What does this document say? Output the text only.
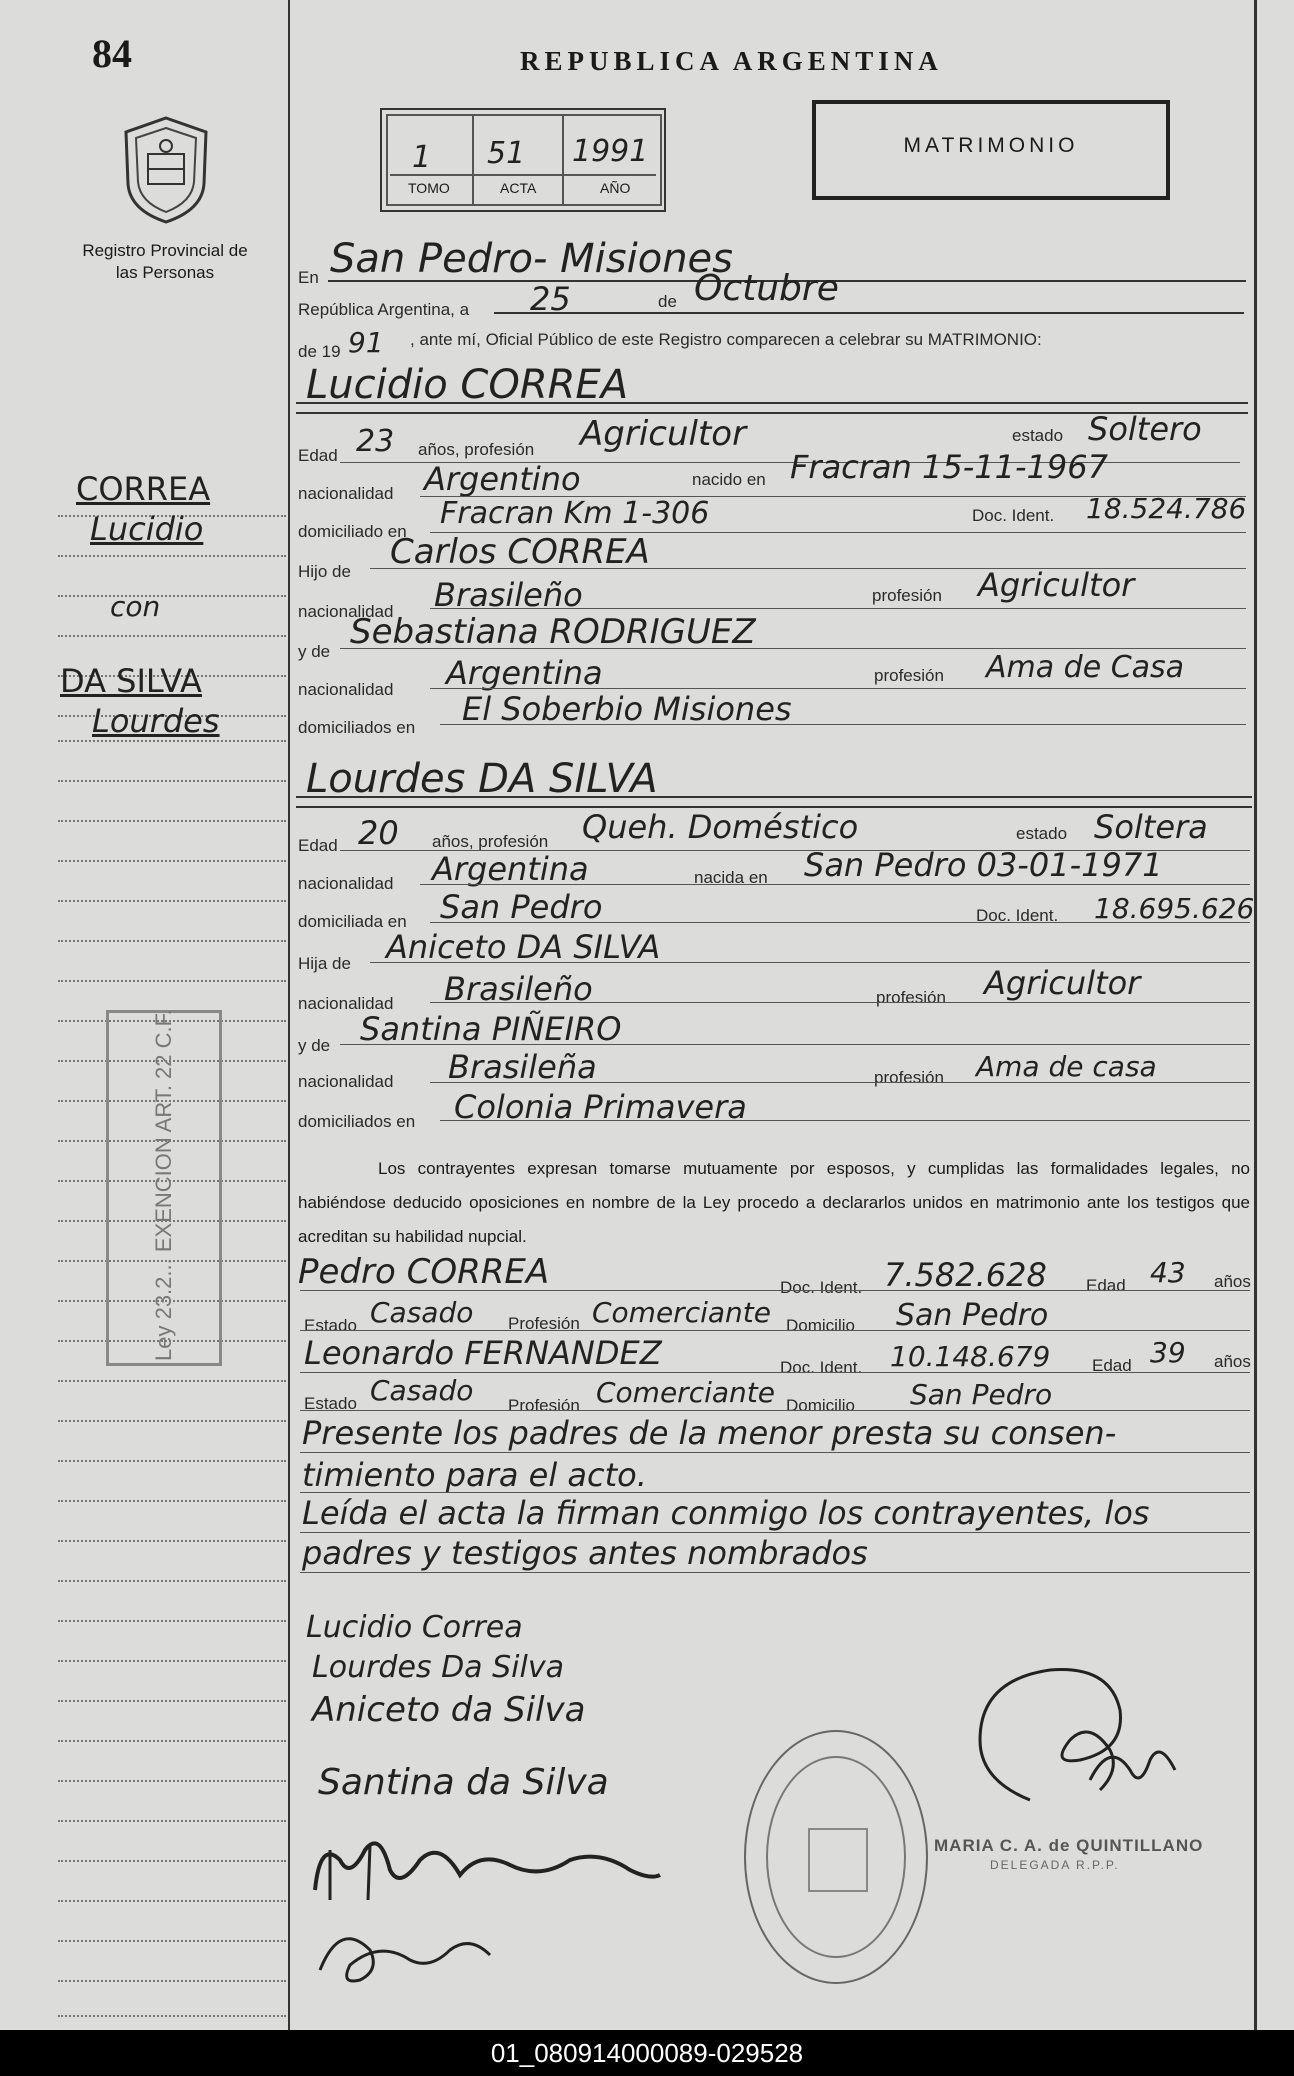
84
Registro Provincial de las Personas
REPUBLICA ARGENTINA
1 51 1991
TOMO	ACTA	AÑO
MATRIMONIO
CORREA
Lucidio
con
DA SILVA
Lourdes
Ley 23.2... EXENCION ART. 22 C.F.
En San Pedro- Misiones
República Argentina, a 25	de Octubre
de 19 91 , ante mí, Oficial Público de este Registro comparecen a celebrar su MATRIMONIO:
Lucidio CORREA
Edad 23 años, profesión Agricultor	estado Soltero
nacionalidad Argentino	nacido en Fracran 15-11-1967
domiciliado en
Fracran Km 1-306	Doc. Ident. 18.524.786
Hijo de Carlos CORREA
nacionalidad Brasileño	profesión Agricultor
y de Sebastiana RODRIGUEZ
nacionalidad Argentina	profesión Ama de Casa
domiciliados en El Soberbio Misiones
Lourdes DA SILVA
Edad 20 años, profesión Queh. Doméstico	estado Soltera
nacionalidad Argentina	nacida en San Pedro 03-01-1971
domiciliada en San Pedro	Doc. Ident. 18.695.626
Hija de Aniceto DA SILVA
nacionalidad Brasileño	profesión Agricultor
y de Santina PIÑEIRO
nacionalidad Brasileña	profesión Ama de casa
domiciliados en Colonia Primavera
Los contrayentes expresan tomarse mutuamente por esposos, y cumplidas las formalidades legales, no habiéndose deducido oposiciones en nombre de la Ley procedo a declararlos unidos en matrimonio ante los testigos que acreditan su habilidad nupcial.
Pedro CORREA	Doc. Ident. 7.582.628 Edad 43 años
Estado Casado Profesión Comerciante Domicilio San Pedro
Leonardo FERNANDEZ	Doc. Ident. 10.148.679 Edad 39 años
Estado Casado Profesión Comerciante Domicilio San Pedro
Presente los padres de la menor presta su consen-
timiento para el acto.
Leída el acta la firman conmigo los contrayentes, los
padres y testigos antes nombrados
Lucidio Correa
Lourdes Da Silva
Aniceto da Silva
Santina da Silva
MARIA C. A. de QUINTILLANO
DELEGADA R.P.P.
01_080914000089-029528
